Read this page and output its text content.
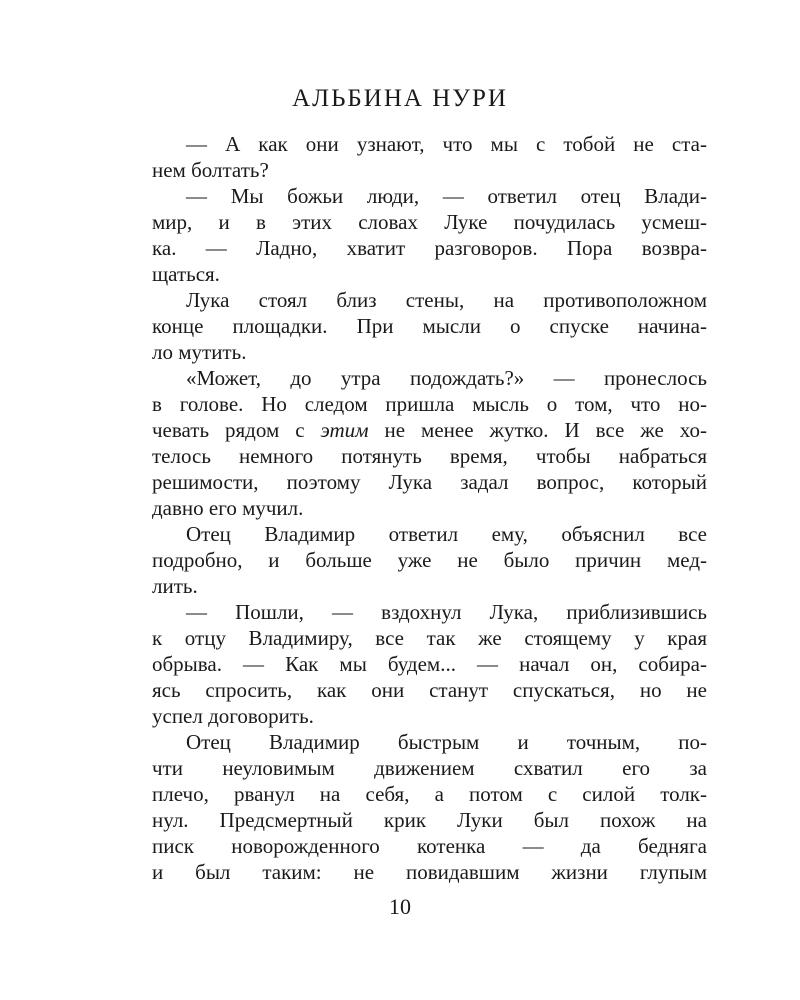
АЛЬБИНА НУРИ
— А как они узнают, что мы с тобой не ста-
нем болтать?
— Мы божьи люди, — ответил отец Влади-
мир, и в этих словах Луке почудилась усмеш-
ка. — Ладно, хватит разговоров. Пора возвра-
щаться.
Лука стоял близ стены, на противоположном
конце площадки. При мысли о спуске начина-
ло мутить.
«Может, до утра подождать?» — пронеслось
в голове. Но следом пришла мысль о том, что но-
чевать рядом с этим не менее жутко. И все же хо-
телось немного потянуть время, чтобы набраться
решимости, поэтому Лука задал вопрос, который
давно его мучил.
Отец Владимир ответил ему, объяснил все
подробно, и больше уже не было причин мед-
лить.
— Пошли, — вздохнул Лука, приблизившись
к отцу Владимиру, все так же стоящему у края
обрыва. — Как мы будем... — начал он, собира-
ясь спросить, как они станут спускаться, но не
успел договорить.
Отец Владимир быстрым и точным, по-
чти неуловимым движением схватил его за
плечо, рванул на себя, а потом с силой толк-
нул. Предсмертный крик Луки был похож на
писк новорожденного котенка — да бедняга
и был таким: не повидавшим жизни глупым
10
